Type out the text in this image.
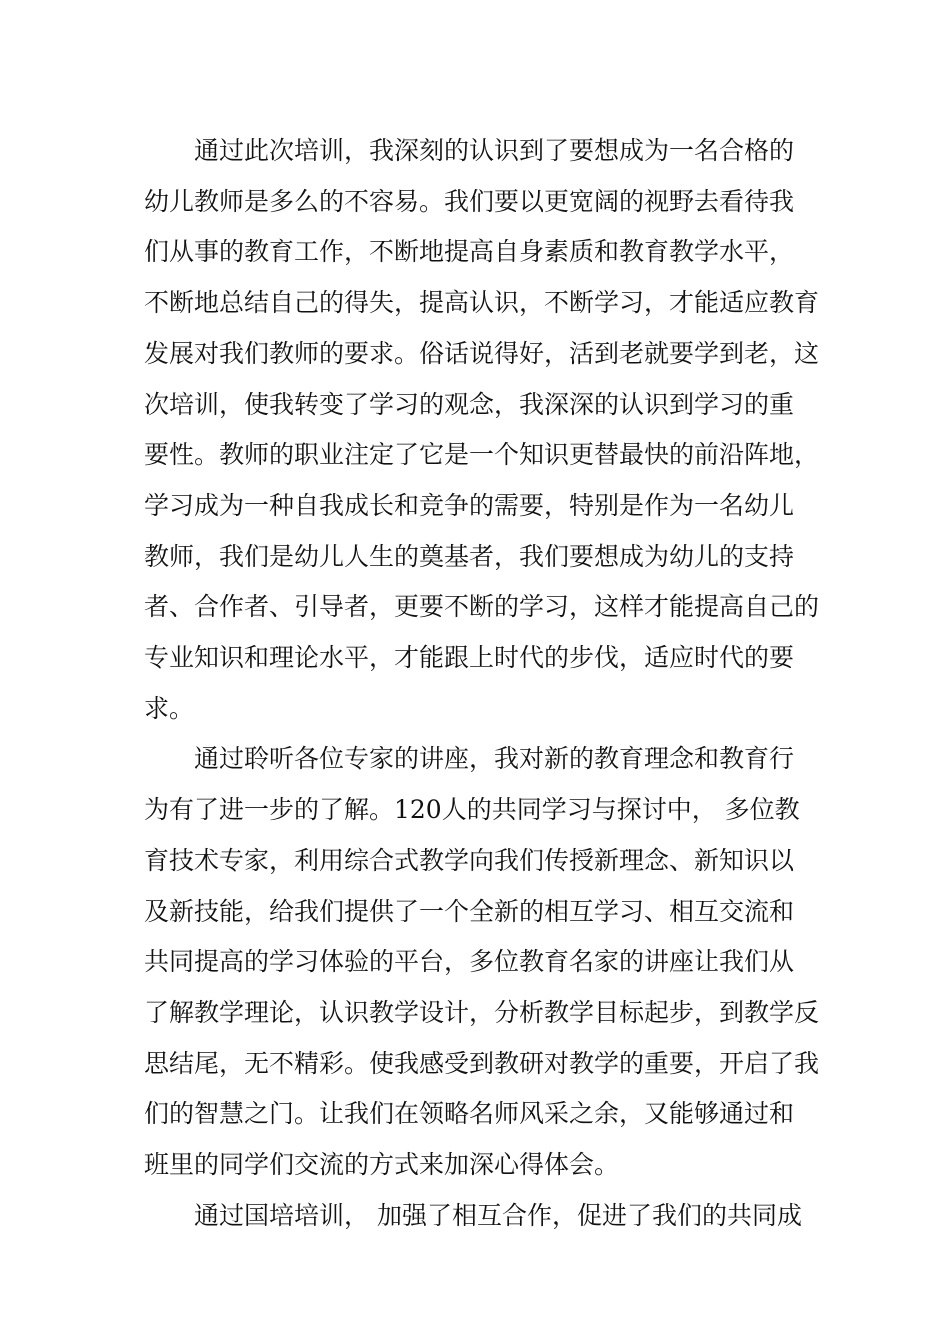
　　通过此次培训，我深刻的认识到了要想成为一名合格的
幼儿教师是多么的不容易。我们要以更宽阔的视野去看待我
们从事的教育工作，不断地提高自身素质和教育教学水平，
不断地总结自己的得失，提高认识，不断学习，才能适应教育
发展对我们教师的要求。俗话说得好，活到老就要学到老，这
次培训，使我转变了学习的观念，我深深的认识到学习的重
要性。教师的职业注定了它是一个知识更替最快的前沿阵地，
学习成为一种自我成长和竞争的需要，特别是作为一名幼儿
教师，我们是幼儿人生的奠基者，我们要想成为幼儿的支持
者、合作者、引导者，更要不断的学习，这样才能提高自己的
专业知识和理论水平，才能跟上时代的步伐，适应时代的要
求。
　　通过聆听各位专家的讲座，我对新的教育理念和教育行
为有了进一步的了解。120人的共同学习与探讨中， 多位教
育技术专家，利用综合式教学向我们传授新理念、新知识以
及新技能，给我们提供了一个全新的相互学习、相互交流和
共同提高的学习体验的平台，多位教育名家的讲座让我们从
了解教学理论，认识教学设计，分析教学目标起步，到教学反
思结尾，无不精彩。使我感受到教研对教学的重要，开启了我
们的智慧之门。让我们在领略名师风采之余，又能够通过和
班里的同学们交流的方式来加深心得体会。
　　通过国培培训， 加强了相互合作，促进了我们的共同成
